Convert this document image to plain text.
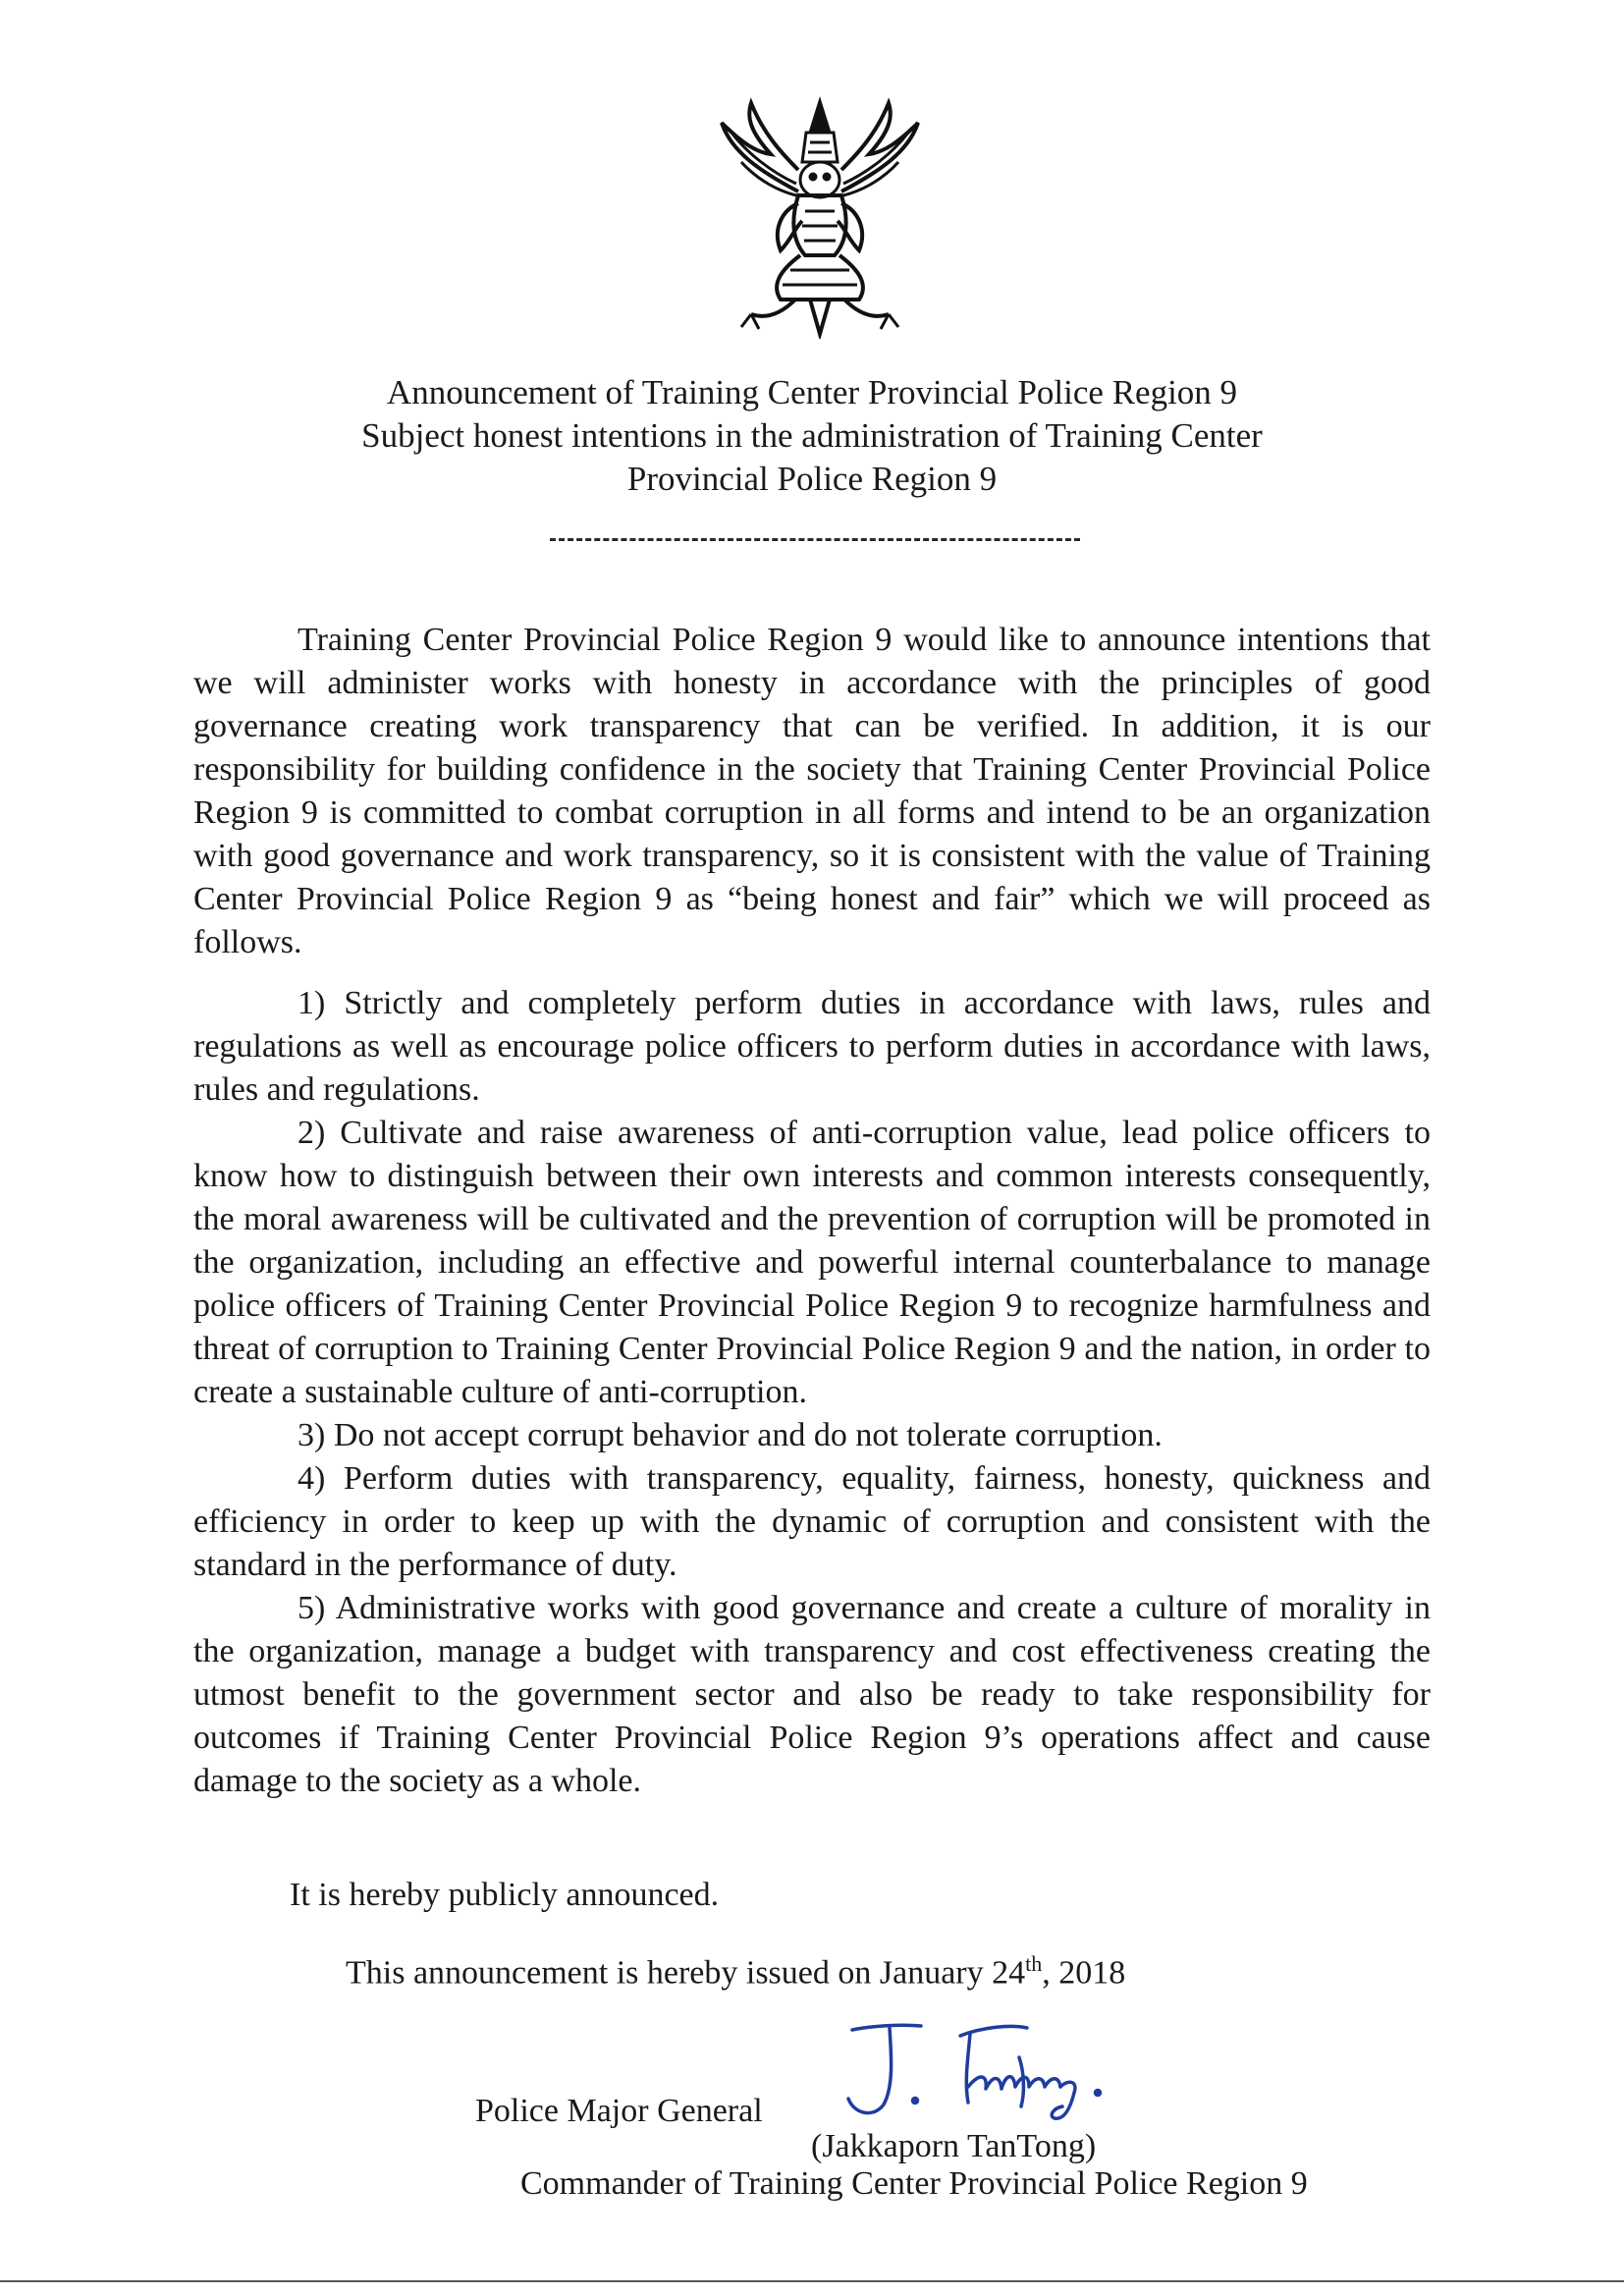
Announcement of Training Center Provincial Police Region 9
Subject honest intentions in the administration of Training Center
Provincial Police Region 9

Training Center Provincial Police Region 9 would like to announce intentions that we will administer works with honesty in accordance with the principles of good governance creating work transparency that can be verified. In addition, it is our responsibility for building confidence in the society that Training Center Provincial Police Region 9 is committed to combat corruption in all forms and intend to be an organization with good governance and work transparency, so it is consistent with the value of Training Center Provincial Police Region 9 as “being honest and fair” which we will proceed as follows.

1) Strictly and completely perform duties in accordance with laws, rules and regulations as well as encourage police officers to perform duties in accordance with laws, rules and regulations.

2) Cultivate and raise awareness of anti-corruption value, lead police officers to know how to distinguish between their own interests and common interests consequently, the moral awareness will be cultivated and the prevention of corruption will be promoted in the organization, including an effective and powerful internal counterbalance to manage police officers of Training Center Provincial Police Region 9 to recognize harmfulness and threat of corruption to Training Center Provincial Police Region 9 and the nation, in order to create a sustainable culture of anti-corruption.

3) Do not accept corrupt behavior and do not tolerate corruption.

4) Perform duties with transparency, equality, fairness, honesty, quickness and efficiency in order to keep up with the dynamic of corruption and consistent with the standard in the performance of duty.

5) Administrative works with good governance and create a culture of morality in the organization, manage a budget with transparency and cost effectiveness creating the utmost benefit to the government sector and also be ready to take responsibility for outcomes if Training Center Provincial Police Region 9’s operations affect and cause damage to the society as a whole.

It is hereby publicly announced.
This announcement is hereby issued on January 24th, 2018
Police Major General
(Jakkaporn TanTong)
Commander of Training Center Provincial Police Region 9
